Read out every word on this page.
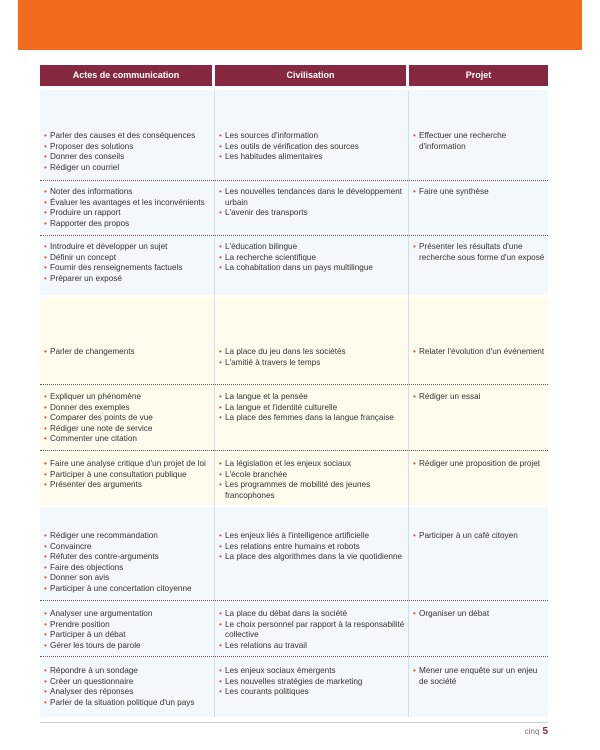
Actes de communication	Civilisation	Projet
• Parler des causes et des conséquences
• Proposer des solutions
• Donner des conseils
• Rédiger un courriel
• Les sources d'information
• Les outils de vérification des sources
• Les habitudes alimentaires
• Effectuer une recherche d'information
• Noter des informations
• Évaluer les avantages et les inconvénients
• Produire un rapport
• Rapporter des propos
• Les nouvelles tendances dans le développement urbain
• L'avenir des transports
• Faire une synthèse
• Introduire et développer un sujet
• Définir un concept
• Fournir des renseignements factuels
• Préparer un exposé
• L'éducation bilingue
• La recherche scientifique
• La cohabitation dans un pays multilingue
• Présenter les résultats d'une recherche sous forme d'un exposé
• Parler de changements
•	La place du jeu dans les sociétés
• L'amitié à travers le temps
• Relater l'évolution d'un événement
• Expliquer un phénomène
• Donner des exemples
• Comparer des points de vue
• Rédiger une note de service
• Commenter une citation
• La langue et la pensée
• La langue et l'identité culturelle
• La place des femmes dans la langue française
• Rédiger un essai
• Faire une analyse critique d'un projet de loi
• Participer à une consultation publique
• Présenter des arguments
• La législation et les enjeux sociaux
• L'école branchée
• Les programmes de mobilité des jeunes francophones
• Rédiger une proposition de projet
• Rédiger une recommandation
• Convaincre
• Réfuter des contre-arguments
• Faire des objections
• Donner son avis
• Participer à une concertation citoyenne
• Les enjeux liés à l'intelligence artificielle
• Les relations entre humains et robots
• La place des algorithmes dans la vie quotidienne
• Participer à un café citoyen
• Analyser une argumentation
• Prendre position
• Participer à un débat
• Gérer les tours de parole
• La place du débat dans la société
• Le choix personnel par rapport à la responsabilité collective
• Les relations au travail
• Organiser un débat
• Répondre à un sondage
• Créer un questionnaire
• Analyser des réponses
• Parler de la situation politique d'un pays
• Les enjeux sociaux émergents
• Les nouvelles stratégies de marketing
• Les courants politiques
• Mener une enquête sur un enjeu de société
cinq 5
